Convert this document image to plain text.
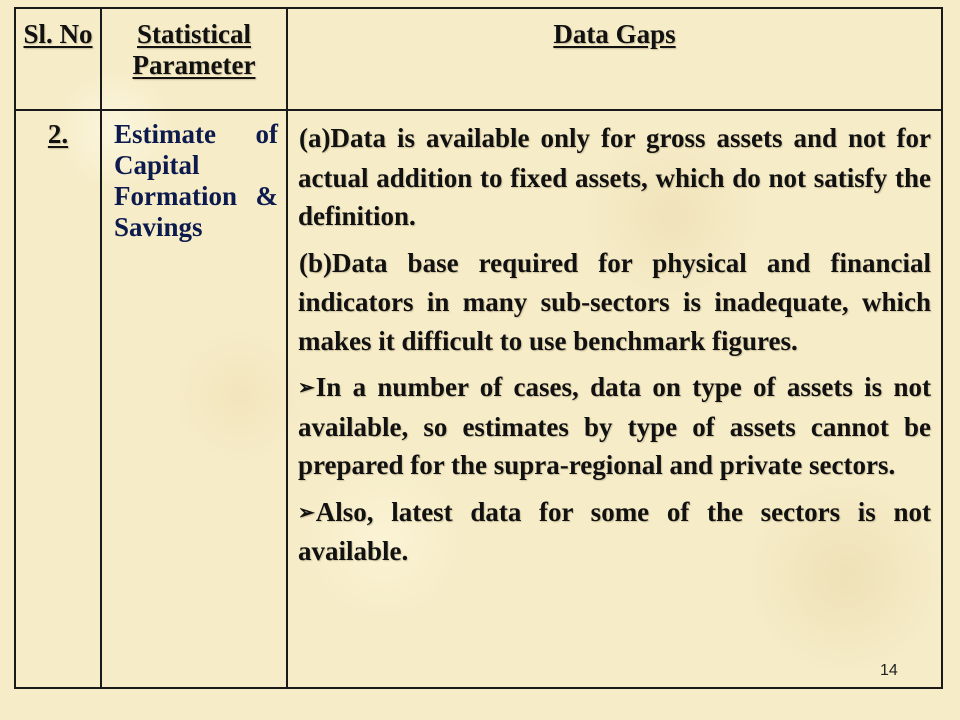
Sl. No	Statistical Parameter	Data Gaps
2.	Estimate of Capital Formation & Savings	(a)Data is available only for gross assets and not for actual addition to fixed assets, which do not satisfy the definition.

(b)Data base required for physical and financial indicators in many sub-sectors is inadequate, which makes it difficult to use benchmark figures.

➢In a number of cases, data on type of assets is not available, so estimates by type of assets cannot be prepared for the supra-regional and private sectors.

➢Also, latest data for some of the sectors is not available.

14
